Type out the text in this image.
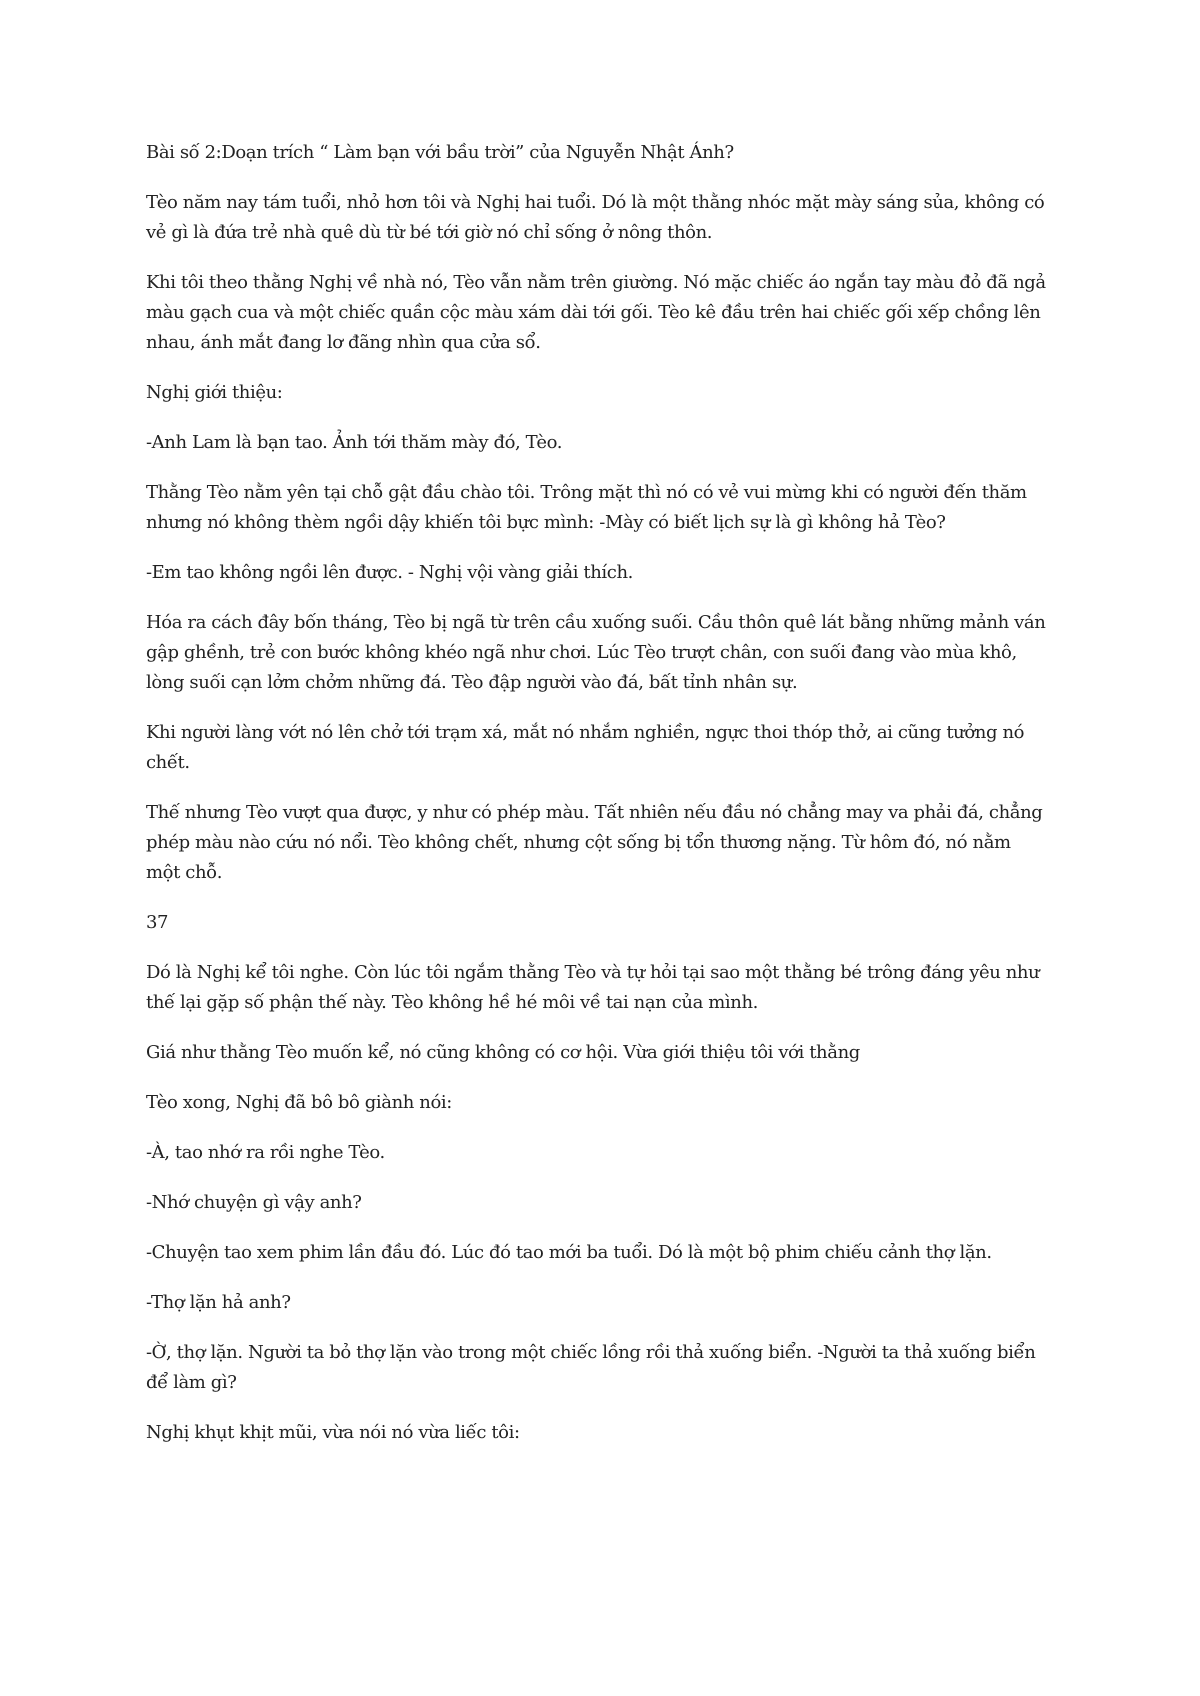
Bài số 2:Doạn trích “ Làm bạn với bầu trời” của Nguyễn Nhật Ánh?

Tèo năm nay tám tuổi, nhỏ hơn tôi và Nghị hai tuổi. Dó là một thằng nhóc mặt mày sáng sủa, không có vẻ gì là đứa trẻ nhà quê dù từ bé tới giờ nó chỉ sống ở nông thôn.

Khi tôi theo thằng Nghị về nhà nó, Tèo vẫn nằm trên giường. Nó mặc chiếc áo ngắn tay màu đỏ đã ngả màu gạch cua và một chiếc quần cộc màu xám dài tới gối. Tèo kê đầu trên hai chiếc gối xếp chồng lên nhau, ánh mắt đang lơ đãng nhìn qua cửa sổ.

Nghị giới thiệu:

-Anh Lam là bạn tao. Ảnh tới thăm mày đó, Tèo.

Thằng Tèo nằm yên tại chỗ gật đầu chào tôi. Trông mặt thì nó có vẻ vui mừng khi có người đến thăm nhưng nó không thèm ngồi dậy khiến tôi bực mình: -Mày có biết lịch sự là gì không hả Tèo?

-Em tao không ngồi lên được. - Nghị vội vàng giải thích.

Hóa ra cách đây bốn tháng, Tèo bị ngã từ trên cầu xuống suối. Cầu thôn quê lát bằng những mảnh ván gập ghềnh, trẻ con bước không khéo ngã như chơi. Lúc Tèo trượt chân, con suối đang vào mùa khô, lòng suối cạn lởm chởm những đá. Tèo đập người vào đá, bất tỉnh nhân sự.

Khi người làng vớt nó lên chở tới trạm xá, mắt nó nhắm nghiền, ngực thoi thóp thở, ai cũng tưởng nó chết.

Thế nhưng Tèo vượt qua được, y như có phép màu. Tất nhiên nếu đầu nó chẳng may va phải đá, chẳng phép màu nào cứu nó nổi. Tèo không chết, nhưng cột sống bị tổn thương nặng. Từ hôm đó, nó nằm một chỗ.

37

Dó là Nghị kể tôi nghe. Còn lúc tôi ngắm thằng Tèo và tự hỏi tại sao một thằng bé trông đáng yêu như thế lại gặp số phận thế này. Tèo không hề hé môi về tai nạn của mình.

Giá như thằng Tèo muốn kể, nó cũng không có cơ hội. Vừa giới thiệu tôi với thằng

Tèo xong, Nghị đã bô bô giành nói:

-À, tao nhớ ra rồi nghe Tèo.

-Nhớ chuyện gì vậy anh?

-Chuyện tao xem phim lần đầu đó. Lúc đó tao mới ba tuổi. Dó là một bộ phim chiếu cảnh thợ lặn.

-Thợ lặn hả anh?

-Ờ, thợ lặn. Người ta bỏ thợ lặn vào trong một chiếc lồng rồi thả xuống biển. -Người ta thả xuống biển để làm gì?

Nghị khụt khịt mũi, vừa nói nó vừa liếc tôi:
